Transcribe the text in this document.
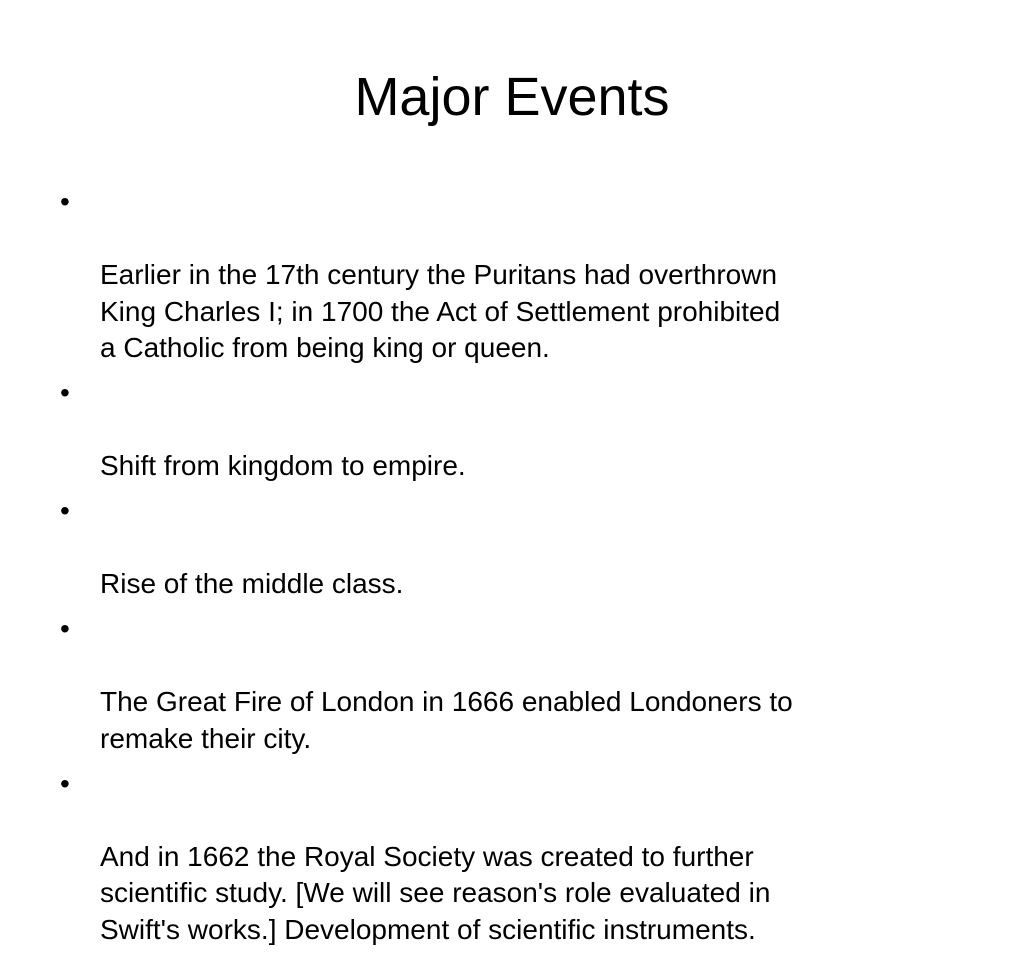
Major Events

•

Earlier in the 17th century the Puritans had overthrown
King Charles I; in 1700 the Act of Settlement prohibited
a Catholic from being king or queen.

•

Shift from kingdom to empire.

•

Rise of the middle class.

•

The Great Fire of London in 1666 enabled Londoners to
remake their city.

•

And in 1662 the Royal Society was created to further
scientific study. [We will see reason's role evaluated in
Swift's works.] Development of scientific instruments.
